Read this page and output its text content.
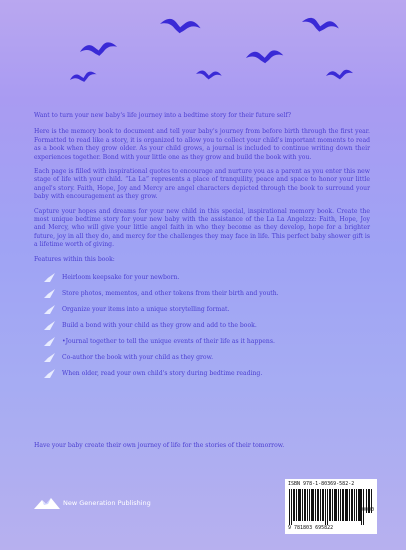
Want to turn your new baby's life journey into a bedtime story for their future self?

Here is the memory book to document and tell your baby's journey from before birth through the first year. Formatted to read like a story, it is organized to allow you to collect your child's important moments to read as a book when they grow older. As your child grows, a journal is included to continue writing down their experiences together. Bond with your little one as they grow and build the book with you.

Each page is filled with inspirational quotes to encourage and nurture you as a parent as you enter this new stage of life with your child. “La La” represents a place of tranquility, peace and space to honor your little angel's story. Faith, Hope, Joy and Mercy are angel characters depicted through the book to surround your baby with encouragement as they grow.

Capture your hopes and dreams for your new child in this special, inspirational memory book. Create the most unique bedtime story for your new baby with the assistance of the La La Angelzzz: Faith, Hope, Joy and Mercy, who will give your little angel faith in who they become as they develop, hope for a brighter future, joy in all they do, and mercy for the challenges they may face in life. This perfect baby shower gift is a lifetime worth of giving.

Features within this book:

Heirloom keepsake for your newborn.
Store photos, mementos, and other tokens from their birth and youth.
Organize your items into a unique storytelling format.
Build a bond with your child as they grow and add to the book.
•Journal together to tell the unique events of their life as it happens.
Co-author the book with your child as they grow.
When older, read your own child's story during bedtime reading.

Have your baby create their own journey of life for the stories of their tomorrow.

New Generation Publishing
ISBN 978-1-80369-582-2
90000
9 781803 695822
